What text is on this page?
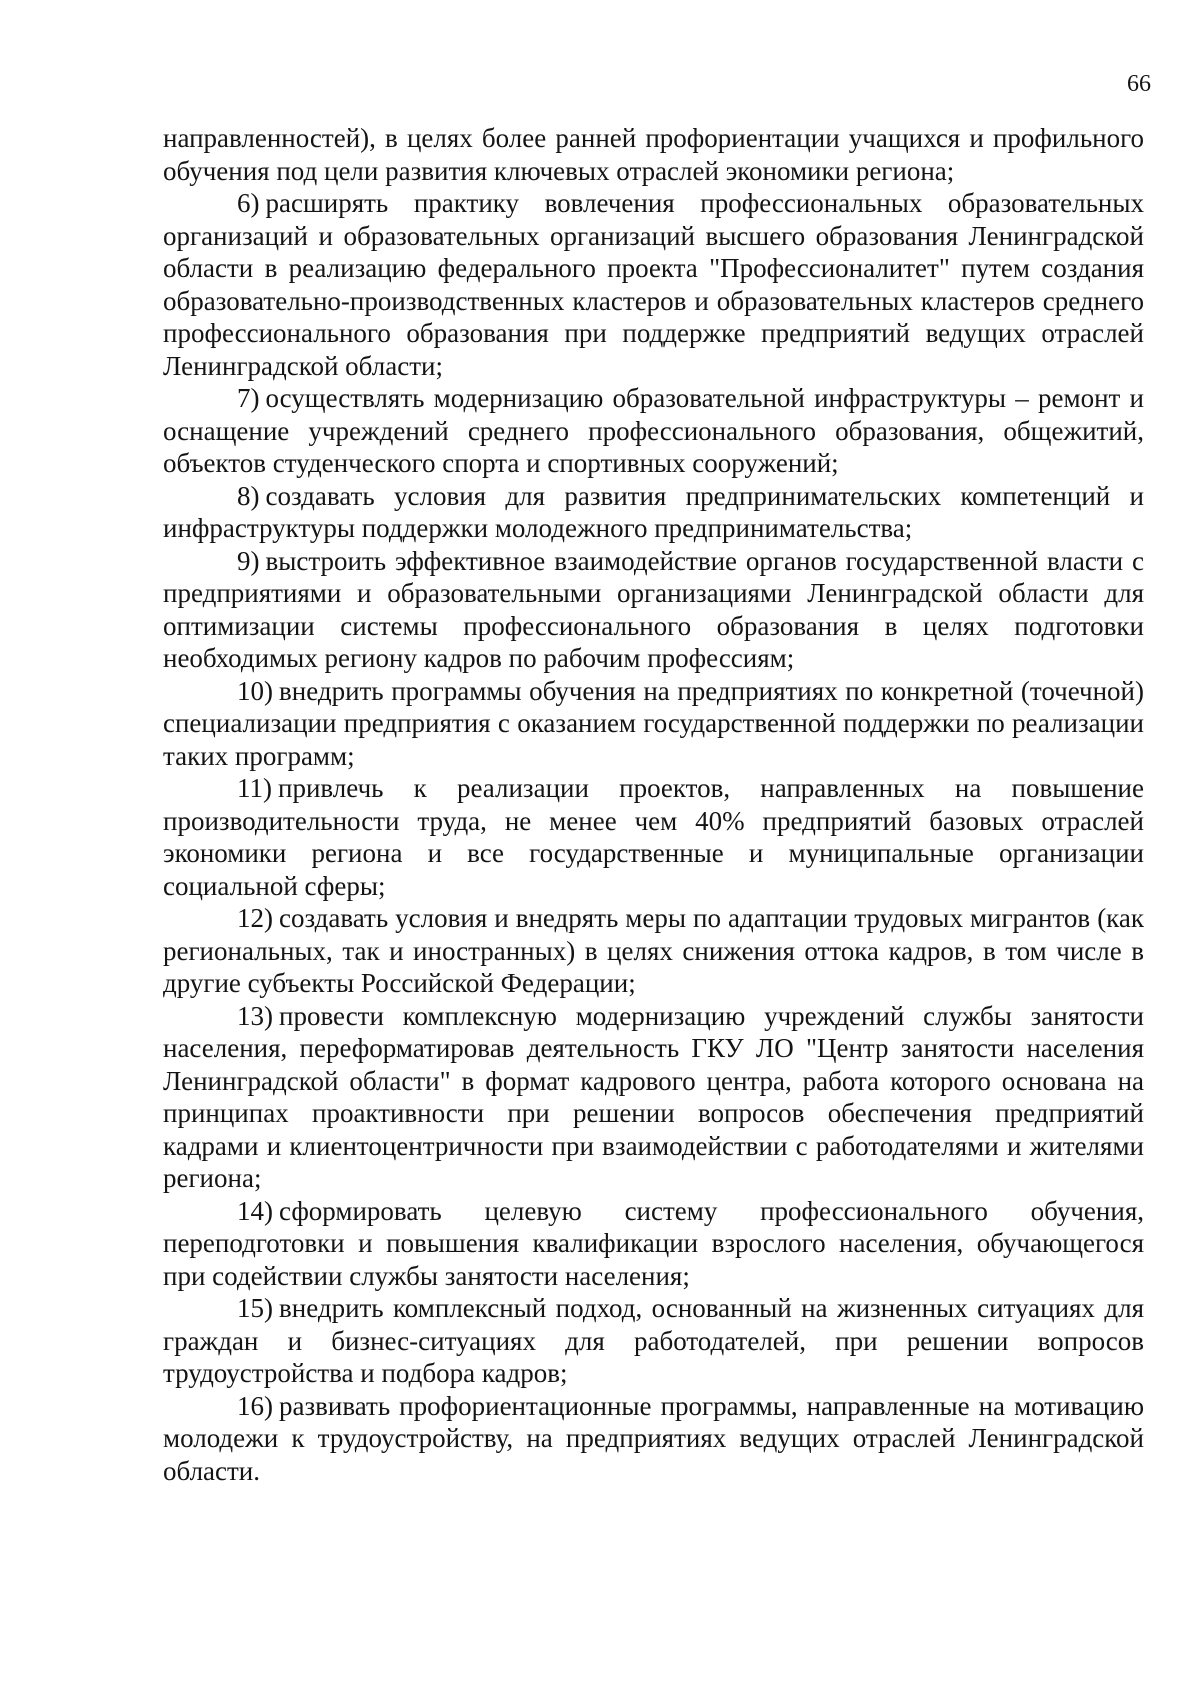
66

направленностей), в целях более ранней профориентации учащихся и профильного обучения под цели развития ключевых отраслей экономики региона;

6) расширять практику вовлечения профессиональных образовательных организаций и образовательных организаций высшего образования Ленинградской области в реализацию федерального проекта "Профессионалитет" путем создания образовательно-производственных кластеров и образовательных кластеров среднего профессионального образования при поддержке предприятий ведущих отраслей Ленинградской области;

7) осуществлять модернизацию образовательной инфраструктуры – ремонт и оснащение учреждений среднего профессионального образования, общежитий, объектов студенческого спорта и спортивных сооружений;

8) создавать условия для развития предпринимательских компетенций и инфраструктуры поддержки молодежного предпринимательства;

9) выстроить эффективное взаимодействие органов государственной власти с предприятиями и образовательными организациями Ленинградской области для оптимизации системы профессионального образования в целях подготовки необходимых региону кадров по рабочим профессиям;

10) внедрить программы обучения на предприятиях по конкретной (точечной) специализации предприятия с оказанием государственной поддержки по реализации таких программ;

11) привлечь к реализации проектов, направленных на повышение производительности труда, не менее чем 40% предприятий базовых отраслей экономики региона и все государственные и муниципальные организации социальной сферы;

12) создавать условия и внедрять меры по адаптации трудовых мигрантов (как региональных, так и иностранных) в целях снижения оттока кадров, в том числе в другие субъекты Российской Федерации;

13) провести комплексную модернизацию учреждений службы занятости населения, переформатировав деятельность ГКУ ЛО "Центр занятости населения Ленинградской области" в формат кадрового центра, работа которого основана на принципах проактивности при решении вопросов обеспечения предприятий кадрами и клиентоцентричности при взаимодействии с работодателями и жителями региона;

14) сформировать целевую систему профессионального обучения, переподготовки и повышения квалификации взрослого населения, обучающегося при содействии службы занятости населения;

15) внедрить комплексный подход, основанный на жизненных ситуациях для граждан и бизнес-ситуациях для работодателей, при решении вопросов трудоустройства и подбора кадров;

16) развивать профориентационные программы, направленные на мотивацию молодежи к трудоустройству, на предприятиях ведущих отраслей Ленинградской области.
